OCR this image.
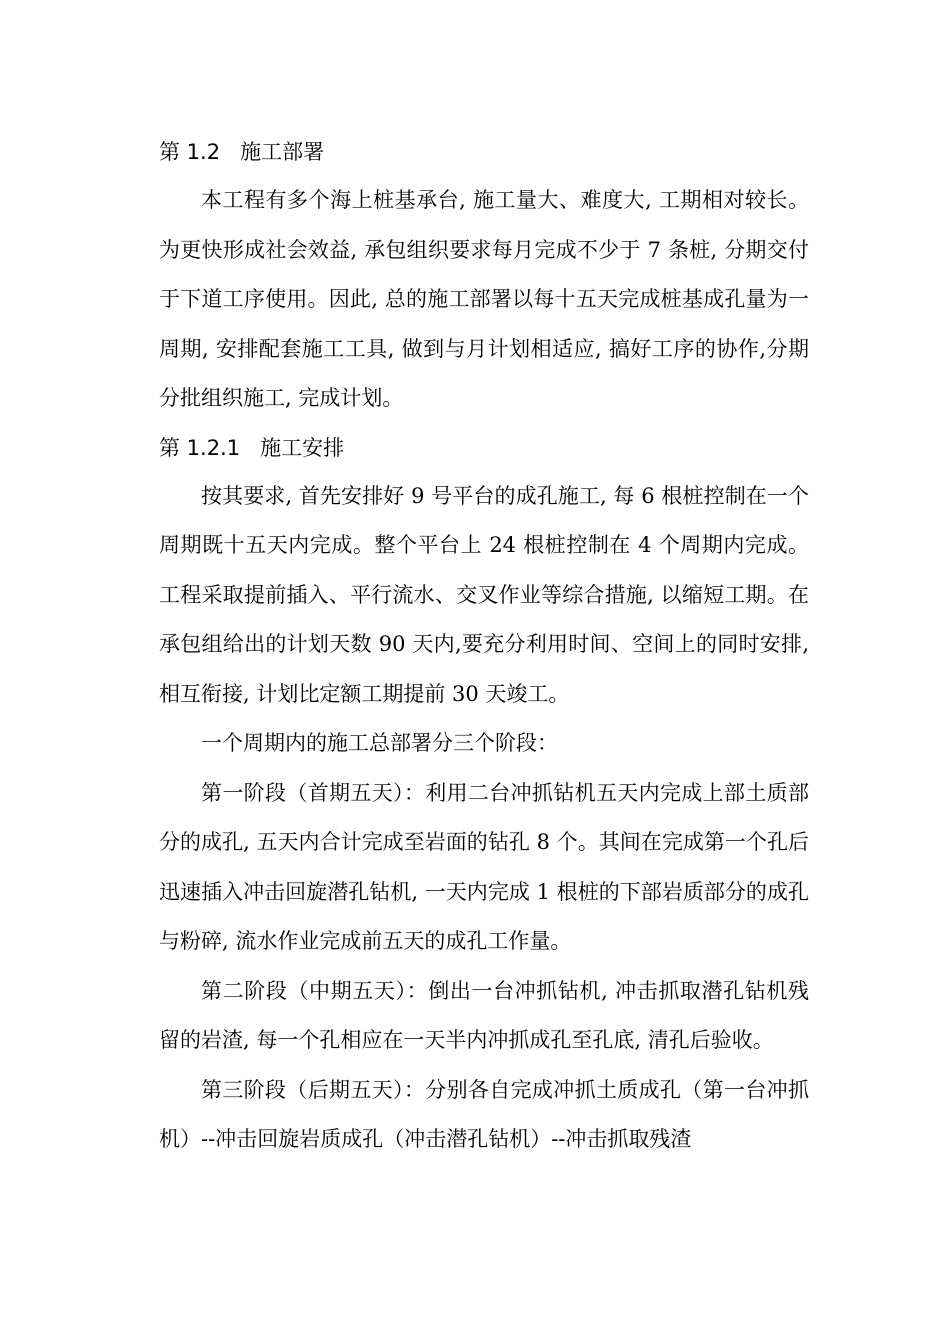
第 1.2 施工部署

本工程有多个海上桩基承台, 施工量大、难度大, 工期相对较长。为更快形成社会效益, 承包组织要求每月完成不少于 7 条桩, 分期交付于下道工序使用。因此, 总的施工部署以每十五天完成桩基成孔量为一周期, 安排配套施工工具, 做到与月计划相适应, 搞好工序的协作,分期分批组织施工, 完成计划。

第 1.2.1 施工安排

按其要求, 首先安排好 9 号平台的成孔施工, 每 6 根桩控制在一个周期既十五天内完成。整个平台上 24 根桩控制在 4 个周期内完成。工程采取提前插入、平行流水、交叉作业等综合措施, 以缩短工期。在承包组给出的计划天数 90 天内,要充分利用时间、空间上的同时安排, 相互衔接, 计划比定额工期提前 30 天竣工。

一个周期内的施工总部署分三个阶段：

第一阶段（首期五天）：利用二台冲抓钻机五天内完成上部土质部分的成孔, 五天内合计完成至岩面的钻孔 8 个。其间在完成第一个孔后迅速插入冲击回旋潜孔钻机, 一天内完成 1 根桩的下部岩质部分的成孔与粉碎, 流水作业完成前五天的成孔工作量。

第二阶段（中期五天）：倒出一台冲抓钻机, 冲击抓取潜孔钻机残留的岩渣, 每一个孔相应在一天半内冲抓成孔至孔底, 清孔后验收。

第三阶段（后期五天）：分别各自完成冲抓土质成孔（第一台冲抓机）--冲击回旋岩质成孔（冲击潜孔钻机）--冲击抓取残渣
